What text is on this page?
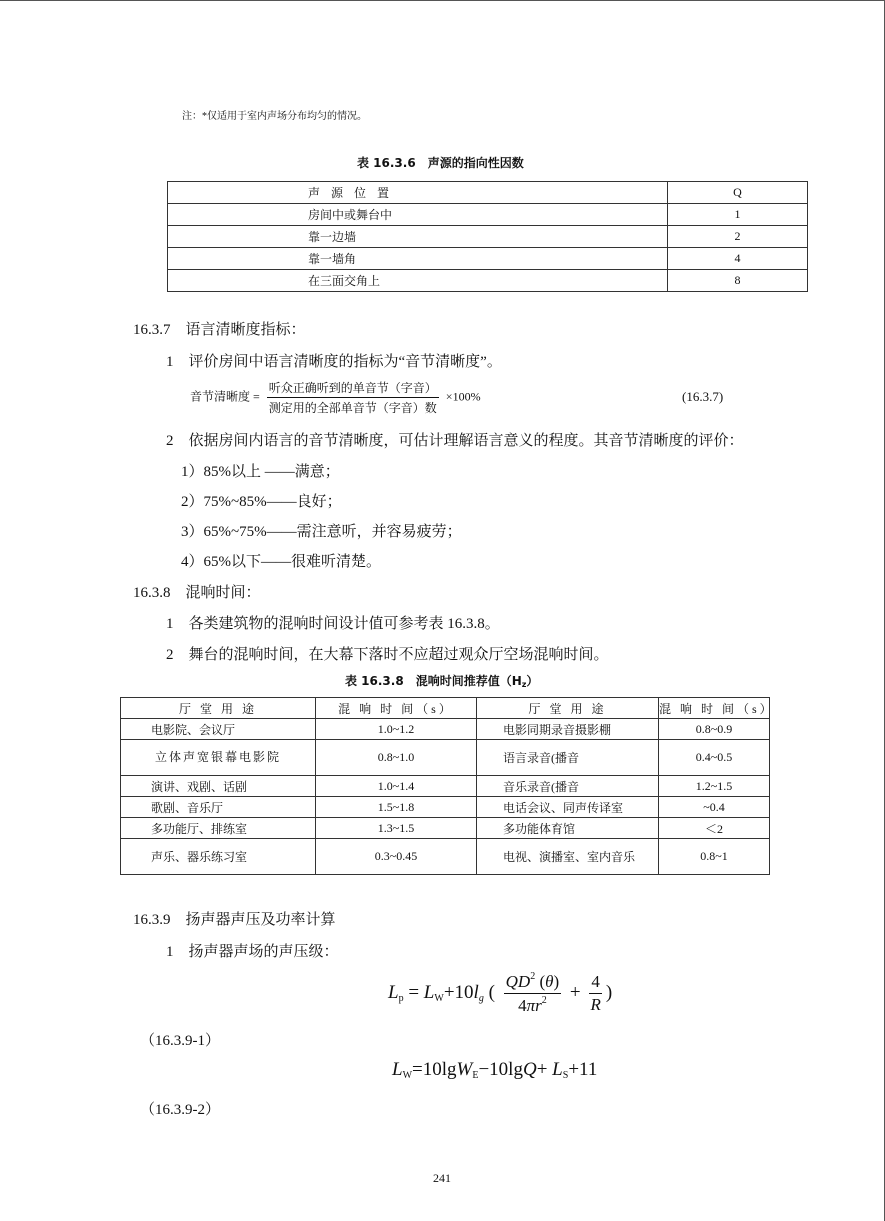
注：*仅适用于室内声场分布均匀的情况。
表 16.3.6　声源的指向性因数
声 源 位 置	Q
房间中或舞台中	1
靠一边墙	2
靠一墙角	4
在三面交角上	8
16.3.7　语言清晰度指标：
1　评价房间中语言清晰度的指标为“音节清晰度”。
音节清晰度 = $\frac{\text{听众正确听到的单音节（字音）}}{\text{测定用的全部单音节（字音）数}} \times 100\%$	(16.3.7)
2　依据房间内语言的音节清晰度，可估计理解语言意义的程度。其音节清晰度的评价：
1）85%以上 ——满意；
2）75%~85%——良好；
3）65%~75%——需注意听，并容易疲劳；
4）65%以下——很难听清楚。
16.3.8　混响时间：
1　各类建筑物的混响时间设计值可参考表 16.3.8。
2　舞台的混响时间，在大幕下落时不应超过观众厅空场混响时间。
表 16.3.8　混响时间推荐值（Hz）
厅 堂 用 途	混 响 时 间（s）	厅 堂 用 途	混 响 时 间（s）
电影院、会议厅	1.0~1.2	电影同期录音摄影棚	0.8~0.9
立体声宽银幕电影院	0.8~1.0	语言录音(播音	0.4~0.5
演讲、戏剧、话剧	1.0~1.4	音乐录音(播音	1.2~1.5
歌剧、音乐厅	1.5~1.8	电话会议、同声传译室	~0.4
多功能厅、排练室	1.3~1.5	多功能体育馆	＜2
声乐、器乐练习室	0.3~0.45	电视、演播室、室内音乐	0.8~1
16.3.9　扬声器声压及功率计算
1　扬声器声场的声压级：
$L_p = L_W+10l_g$ ( $\frac{QD^2 (\theta)}{4\pi r^2} + \frac{4}{R}$ )
（16.3.9-1）
$L_W=10\lg W_E-10\lg Q+ L_S+11$
（16.3.9-2）
241
